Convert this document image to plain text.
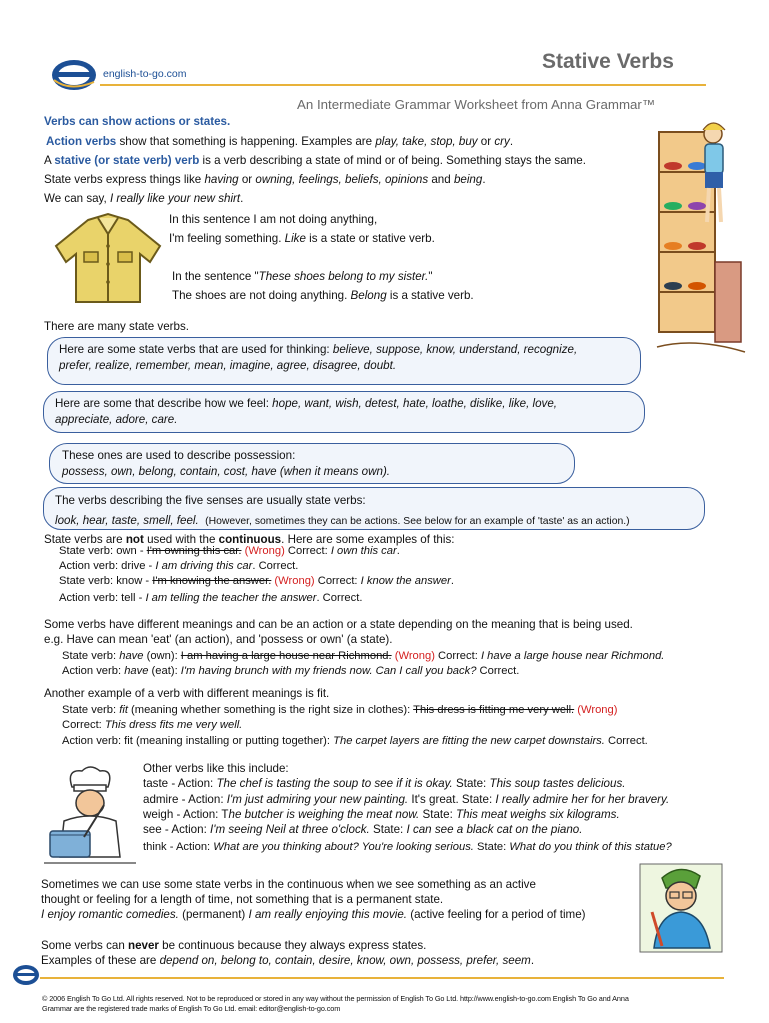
english-to-go.com
Stative Verbs
An Intermediate Grammar Worksheet from Anna Grammar™
Verbs can show actions or states.
Action verbs show that something is happening. Examples are play, take, stop, buy or cry.
A stative (or state verb) verb is a verb describing a state of mind or of being. Something stays the same.
State verbs express things like having or owning, feelings, beliefs, opinions and being.
We can say, I really like your new shirt.
In this sentence I am not doing anything,
I'm feeling something. Like is a state or stative verb.
In the sentence "These shoes belong to my sister."
The shoes are not doing anything. Belong is a stative verb.
There are many state verbs.
Here are some state verbs that are used for thinking: believe, suppose, know, understand, recognize,
prefer, realize, remember, mean, imagine, agree, disagree, doubt.
Here are some that describe how we feel: hope, want, wish, detest, hate, loathe, dislike, like, love,
appreciate, adore, care.
These ones are used to describe possession:
possess, own, belong, contain, cost, have (when it means own).
The verbs describing the five senses are usually state verbs:
look, hear, taste, smell, feel. (However, sometimes they can be actions. See below for an example of 'taste' as an action.)
State verbs are not used with the continuous. Here are some examples of this:
State verb: own - I'm owning this car. (Wrong) Correct: I own this car.
Action verb: drive - I am driving this car. Correct.
State verb: know - I'm knowing the answer. (Wrong) Correct: I know the answer.
Action verb: tell - I am telling the teacher the answer. Correct.
Some verbs have different meanings and can be an action or a state depending on the meaning that is being used.
e.g. Have can mean 'eat' (an action), and 'possess or own' (a state).
State verb: have (own): I am having a large house near Richmond. (Wrong) Correct: I have a large house near Richmond.
Action verb: have (eat): I'm having brunch with my friends now. Can I call you back? Correct.
Another example of a verb with different meanings is fit.
State verb: fit (meaning whether something is the right size in clothes): This dress is fitting me very well. (Wrong)
Correct: This dress fits me very well.
Action verb: fit (meaning installing or putting together): The carpet layers are fitting the new carpet downstairs. Correct.
Other verbs like this include:
taste - Action: The chef is tasting the soup to see if it is okay. State: This soup tastes delicious.
admire - Action: I'm just admiring your new painting. It's great. State: I really admire her for her bravery.
weigh - Action: The butcher is weighing the meat now. State: This meat weighs six kilograms.
see - Action: I'm seeing Neil at three o'clock. State: I can see a black cat on the piano.
think - Action: What are you thinking about? You're looking serious. State: What do you think of this statue?
Sometimes we can use some state verbs in the continuous when we see something as an active
thought or feeling for a length of time, not something that is a permanent state.
I enjoy romantic comedies. (permanent) I am really enjoying this movie. (active feeling for a period of time)
Some verbs can never be continuous because they always express states.
Examples of these are depend on, belong to, contain, desire, know, own, possess, prefer, seem.
© 2006 English To Go Ltd. All rights reserved. Not to be reproduced or stored in any way without the permission of English To Go Ltd. http://www.english-to-go.com English To Go and Anna
Grammar are the registered trade marks of English To Go Ltd. email: editor@english-to-go.com
